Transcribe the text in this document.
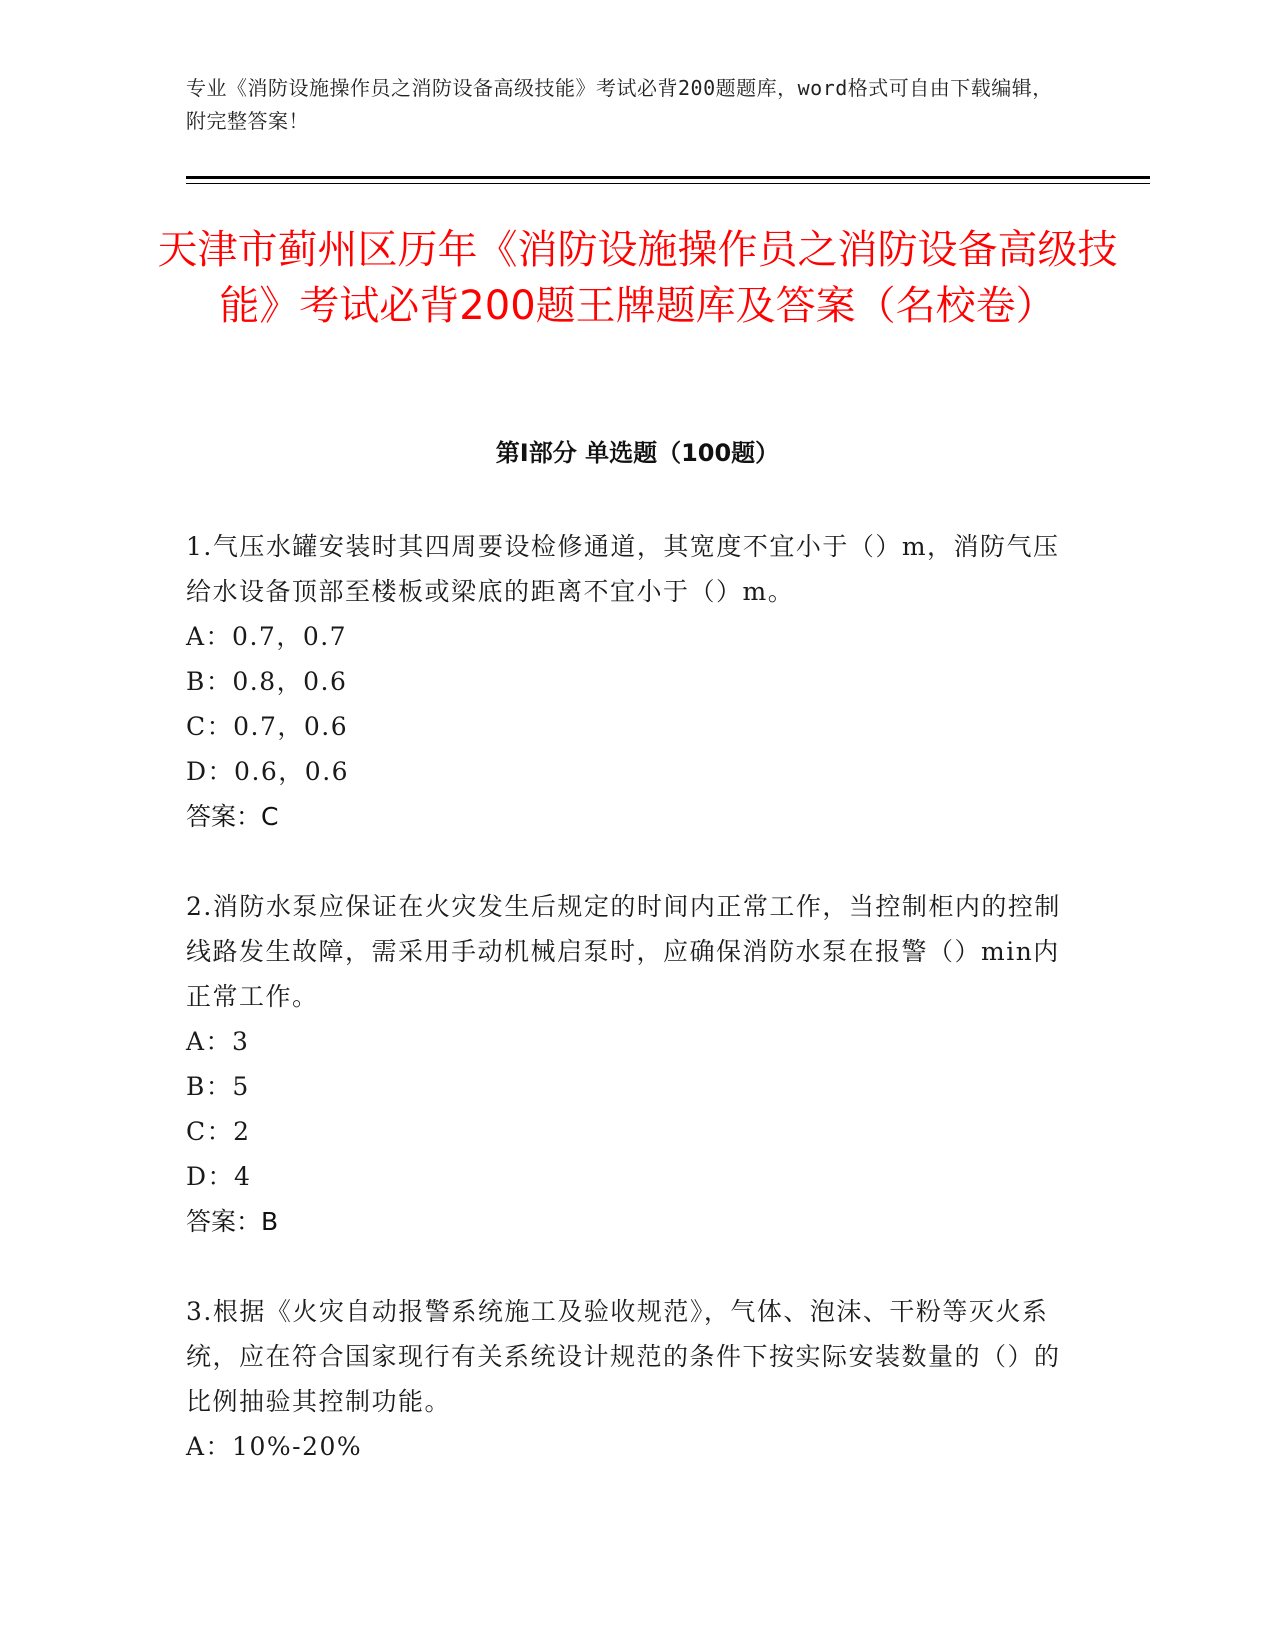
专业《消防设施操作员之消防设备高级技能》考试必背200题题库，word格式可自由下载编辑，附完整答案！
天津市蓟州区历年《消防设施操作员之消防设备高级技能》考试必背200题王牌题库及答案（名校卷）
第Ⅰ部分 单选题（100题）

1.气压水罐安装时其四周要设检修通道，其宽度不宜小于（）m，消防气压给水设备顶部至楼板或梁底的距离不宜小于（）m。

A：0.7，0.7

B：0.8，0.6

C：0.7，0.6

D：0.6，0.6

答案：C

2.消防水泵应保证在火灾发生后规定的时间内正常工作，当控制柜内的控制线路发生故障，需采用手动机械启泵时，应确保消防水泵在报警（）min内正常工作。

A：3

B：5

C：2

D：4

答案：B

3.根据《火灾自动报警系统施工及验收规范》，气体、泡沫、干粉等灭火系统，应在符合国家现行有关系统设计规范的条件下按实际安装数量的（）的比例抽验其控制功能。

A：10%-20%
